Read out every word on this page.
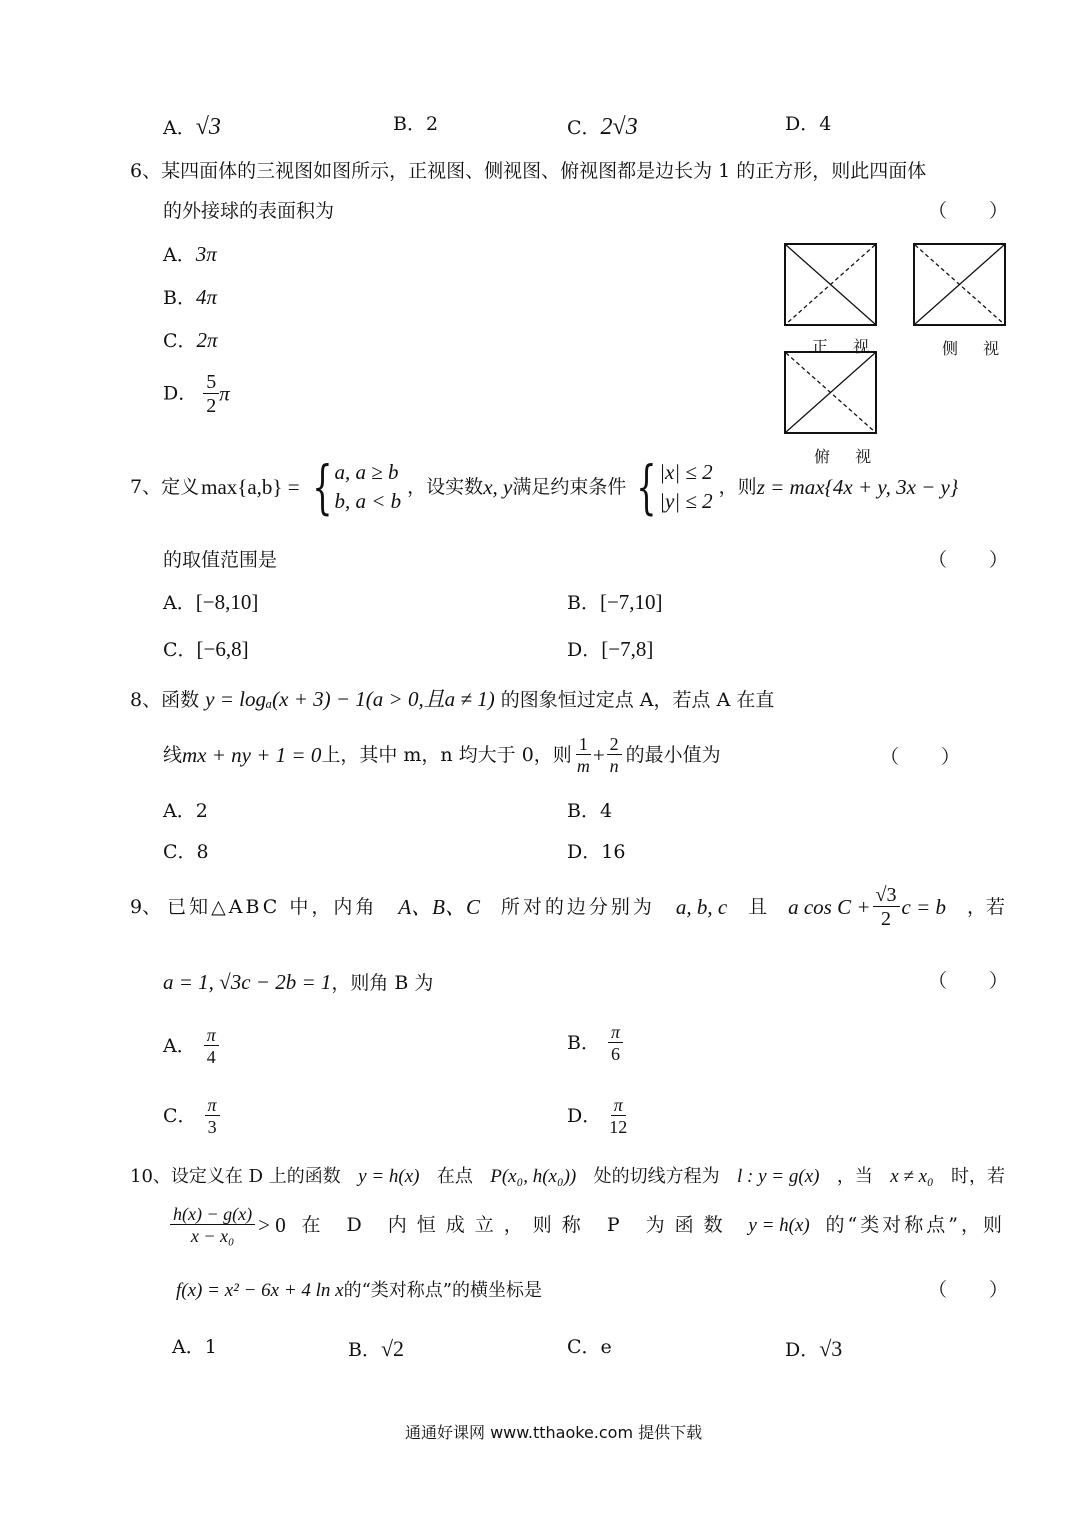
A．√3	B．2	C．2√3	D．4
6、某四面体的三视图如图所示，正视图、侧视图、俯视图都是边长为 1 的正方形，则此四面体
的外接球的表面积为	（ ）
A．3π
B．4π
C．2π
D． $\frac{5}{2}$ π
正 视	侧 视
俯 视
7、 定义 max{a,b} = { a, a ≥ b
b, a < b
，设实数 x, y 满足约束条件 { |x| ≤ 2
|y| ≤ 2
，则 z = max{4x + y, 3x − y}
的取值范围是	（ ）
A．[−8,10]	B．[−7,10]
C．[−6,8]	D．[−7,8]
8、函数 y = logₐ(x + 3) − 1(a > 0,且a ≠ 1) 的图象恒过定点 A，若点 A 在直
线 mx + ny + 1 = 0 上，其中 m，n 均大于 0，则 $\frac{1}{m} + \frac{2}{n}$ 的最小值为	（ ）
A．2	B．4
C．8	D．16
9、 已知△ABC 中，内角 A、B、C 所对的边分别为 a, b, c 且 a $\cos C + \frac{√3}{2}$ c = b ，若
a = 1, √3c − 2b = 1，则角 B 为	（ ）
A． $\frac{\pi}{4}$	B． $\frac{\pi}{6}$
C． $\frac{\pi}{3}$	D． $\frac{\pi}{12}$
10、设定义在 D 上的函数 y = h(x) 在点 P(x₀, h(x₀)) 处的切线方程为 l : y = g(x) ，当 x ≠ x₀ 时，若
$\frac{h(x) - g(x)}{\text{x − x₀}} > 0$ 在 D 内恒成立，则称 P 为函数 y = h(x) 的“类对称点”，则
f(x) = x² − 6x + 4 ln x的“类对称点”的横坐标是	（ ）
A．1	B．√2	C．e	D．√3
通通好课网 www.tthaoke.com 提供下载
